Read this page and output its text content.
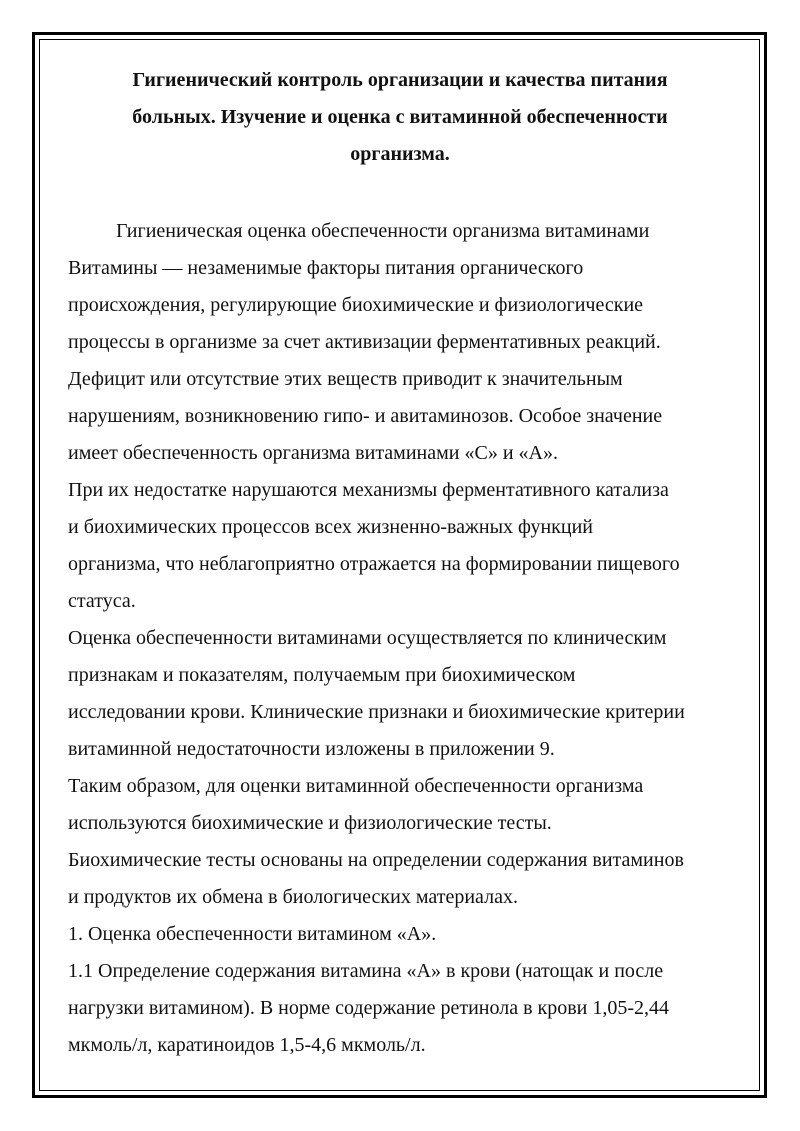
Гигиенический контроль организации и качества питания
больных. Изучение и оценка с витаминной обеспеченности
организма.
Гигиеническая оценка обеспеченности организма витаминами
Витамины — незаменимые факторы питания органического
происхождения, регулирующие биохимические и физиологические
процессы в организме за счет активизации ферментативных реакций.
Дефицит или отсутствие этих веществ приводит к значительным
нарушениям, возникновению гипо- и авитаминозов. Особое значение
имеет обеспеченность организма витаминами «С» и «А».
При их недостатке нарушаются механизмы ферментативного катализа
и биохимических процессов всех жизненно-важных функций
организма, что неблагоприятно отражается на формировании пищевого
статуса.
Оценка обеспеченности витаминами осуществляется по клиническим
признакам и показателям, получаемым при биохимическом
исследовании крови. Клинические признаки и биохимические критерии
витаминной недостаточности изложены в приложении 9.
Таким образом, для оценки витаминной обеспеченности организма
используются биохимические и физиологические тесты.
Биохимические тесты основаны на определении содержания витаминов
и продуктов их обмена в биологических материалах.
1. Оценка обеспеченности витамином «А».
1.1 Определение содержания витамина «А» в крови (натощак и после
нагрузки витамином). В норме содержание ретинола в крови 1,05-2,44
мкмоль/л, каратиноидов 1,5-4,6 мкмоль/л.
